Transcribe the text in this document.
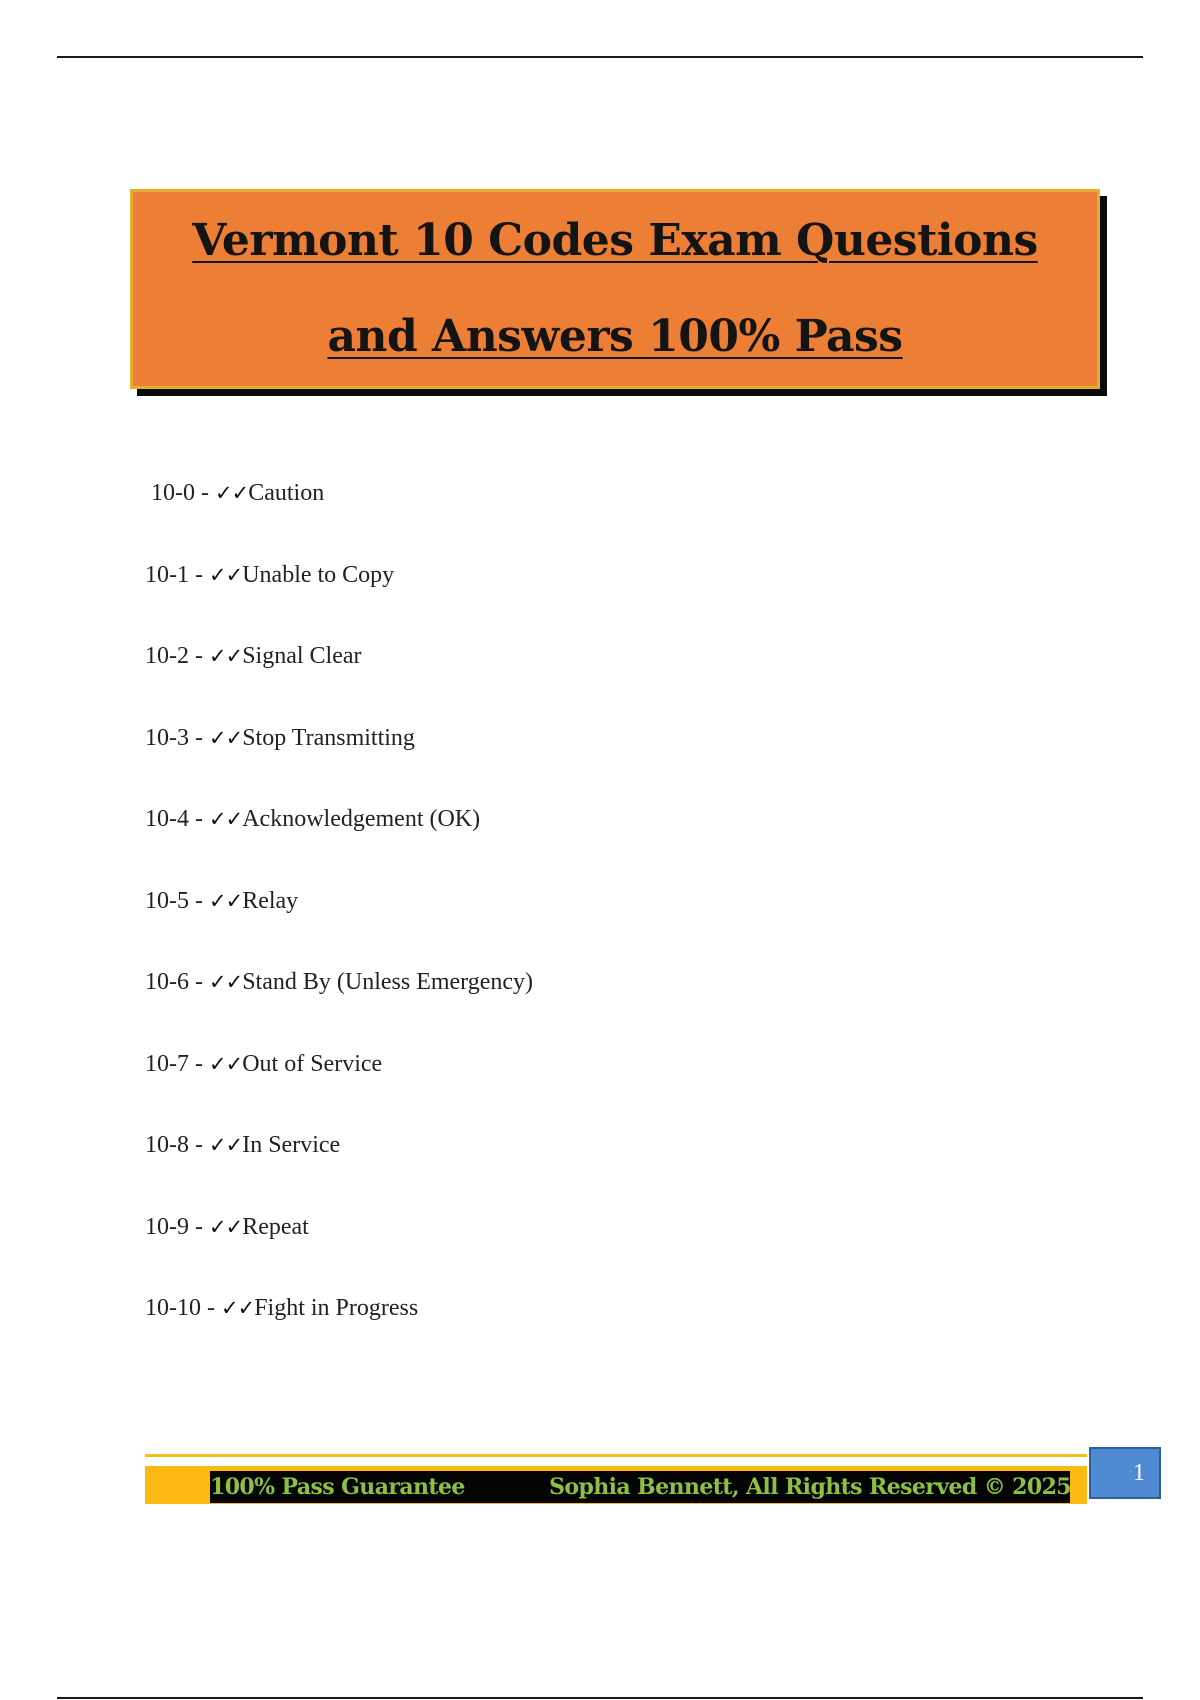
Vermont 10 Codes Exam Questions
and Answers 100% Pass
10-0 - ✓✓Caution
10-1 - ✓✓Unable to Copy
10-2 - ✓✓Signal Clear
10-3 - ✓✓Stop Transmitting
10-4 - ✓✓Acknowledgement (OK)
10-5 - ✓✓Relay
10-6 - ✓✓Stand By (Unless Emergency)
10-7 - ✓✓Out of Service
10-8 - ✓✓In Service
10-9 - ✓✓Repeat
10-10 - ✓✓Fight in Progress
100% Pass Guarantee	Sophia Bennett, All Rights Reserved © 2025
1
